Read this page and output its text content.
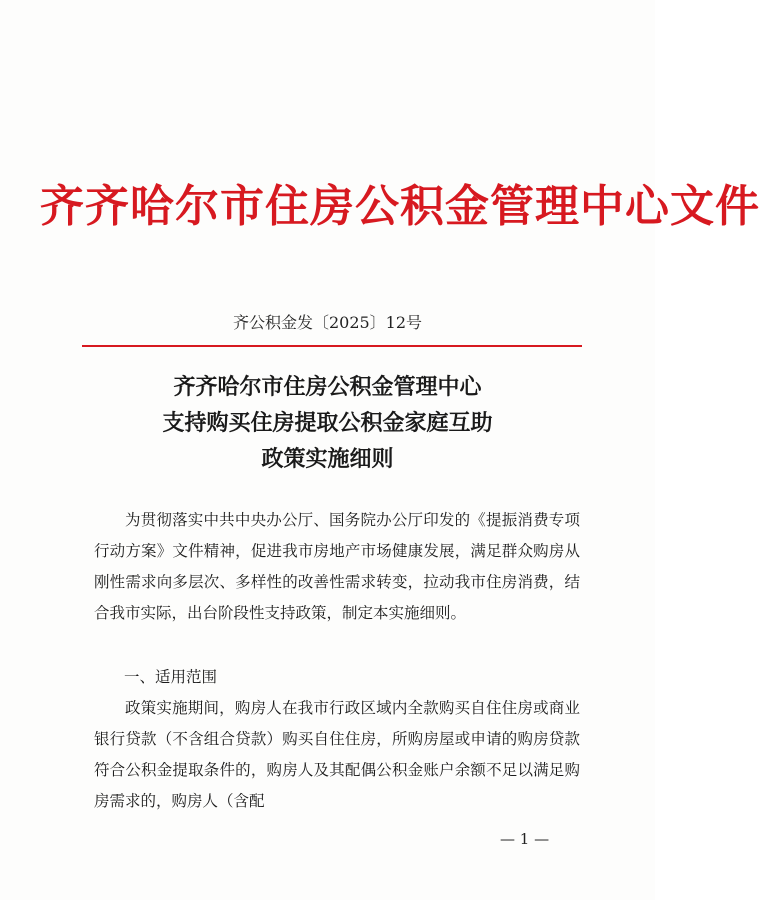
齐齐哈尔市住房公积金管理中心文件
齐公积金发〔2025〕12号
齐齐哈尔市住房公积金管理中心
支持购买住房提取公积金家庭互助
政策实施细则

为贯彻落实中共中央办公厅、国务院办公厅印发的《提振消费专项行动方案》文件精神，促进我市房地产市场健康发展，满足群众购房从刚性需求向多层次、多样性的改善性需求转变，拉动我市住房消费，结合我市实际，出台阶段性支持政策，制定本实施细则。

一、适用范围

政策实施期间，购房人在我市行政区域内全款购买自住住房或商业银行贷款（不含组合贷款）购买自住住房，所购房屋或申请的购房贷款符合公积金提取条件的，购房人及其配偶公积金账户余额不足以满足购房需求的，购房人（含配

— 1 —
